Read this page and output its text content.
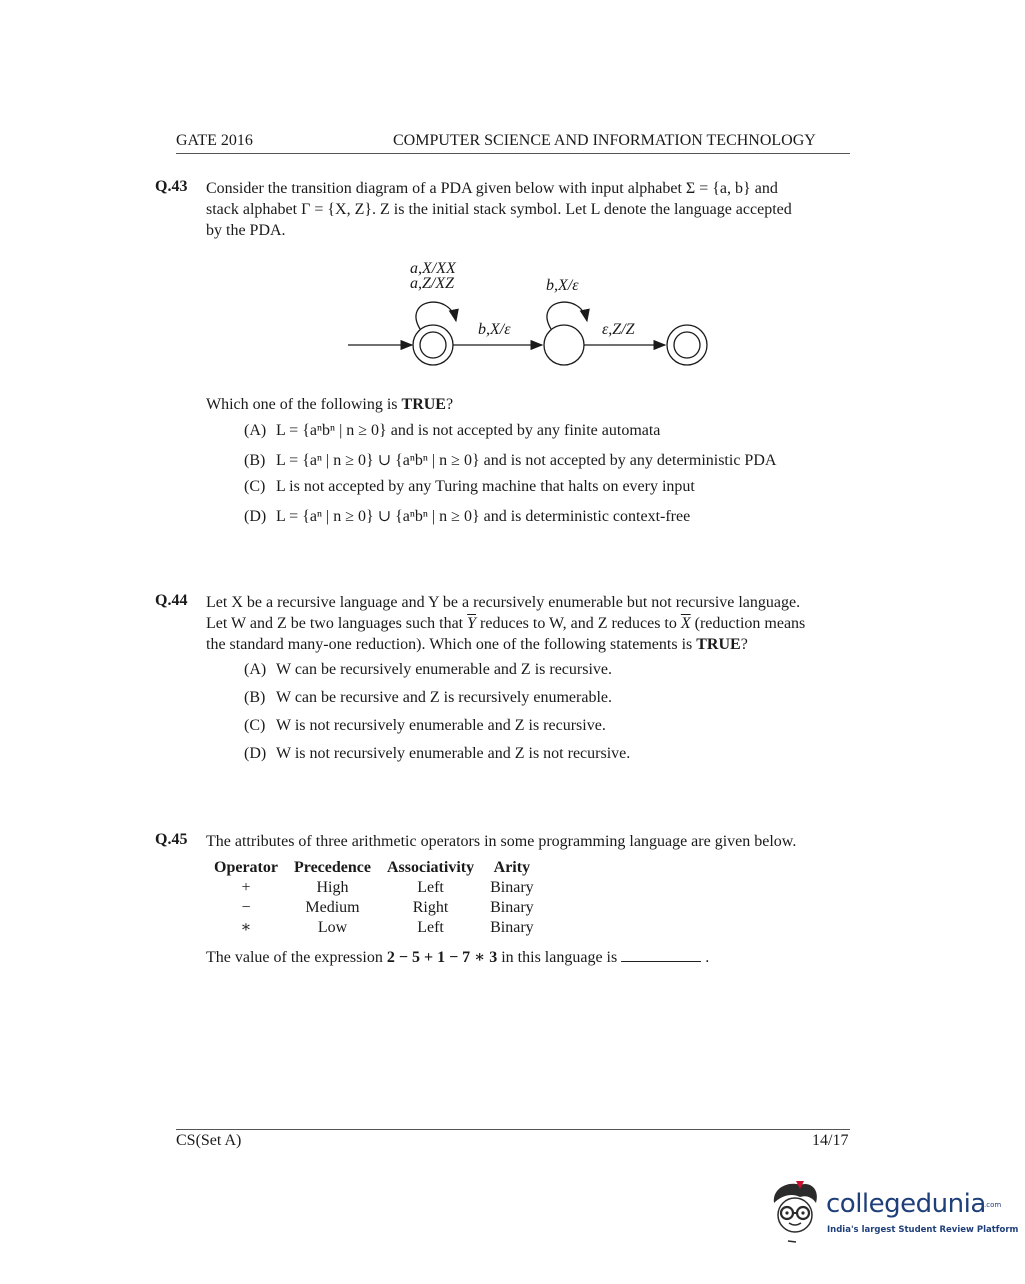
GATE 2016	COMPUTER SCIENCE AND INFORMATION TECHNOLOGY
Q.43 Consider the transition diagram of a PDA given below with input alphabet Σ = {a, b} and
stack alphabet Γ = {X, Z}. Z is the initial stack symbol. Let L denote the language accepted
by the PDA.
a,X/XX
a,Z/XZ	b,X/ε
b,X/ε	ε,Z/Z
Which one of the following is TRUE?
(A) L = {aⁿbⁿ | n ≥ 0} and is not accepted by any finite automata
(B) L = {aⁿ | n ≥ 0} ∪ {aⁿbⁿ | n ≥ 0} and is not accepted by any deterministic PDA
(C) L is not accepted by any Turing machine that halts on every input
(D) L = {aⁿ | n ≥ 0} ∪ {aⁿbⁿ | n ≥ 0} and is deterministic context-free
Q.44 Let X be a recursive language and Y be a recursively enumerable but not recursive language.
Let W and Z be two languages such that $\overline{Y}$ reduces to W, and Z reduces to $\overline{X}$ (reduction means
the standard many-one reduction). Which one of the following statements is TRUE?
(A) W can be recursively enumerable and Z is recursive.
(B) W can be recursive and Z is recursively enumerable.
(C) W is not recursively enumerable and Z is recursive.
(D) W is not recursively enumerable and Z is not recursive.
Q.45 The attributes of three arithmetic operators in some programming language are given below.
Operator	Precedence	Associativity	Arity
+	High	Left	Binary
−	Medium	Right	Binary
∗	Low	Left	Binary
The value of the expression 2 − 5 + 1 − 7 ∗ 3 in this language is	.
CS(Set A)	14/17
collegedunia
.com
India's largest Student Review Platform
